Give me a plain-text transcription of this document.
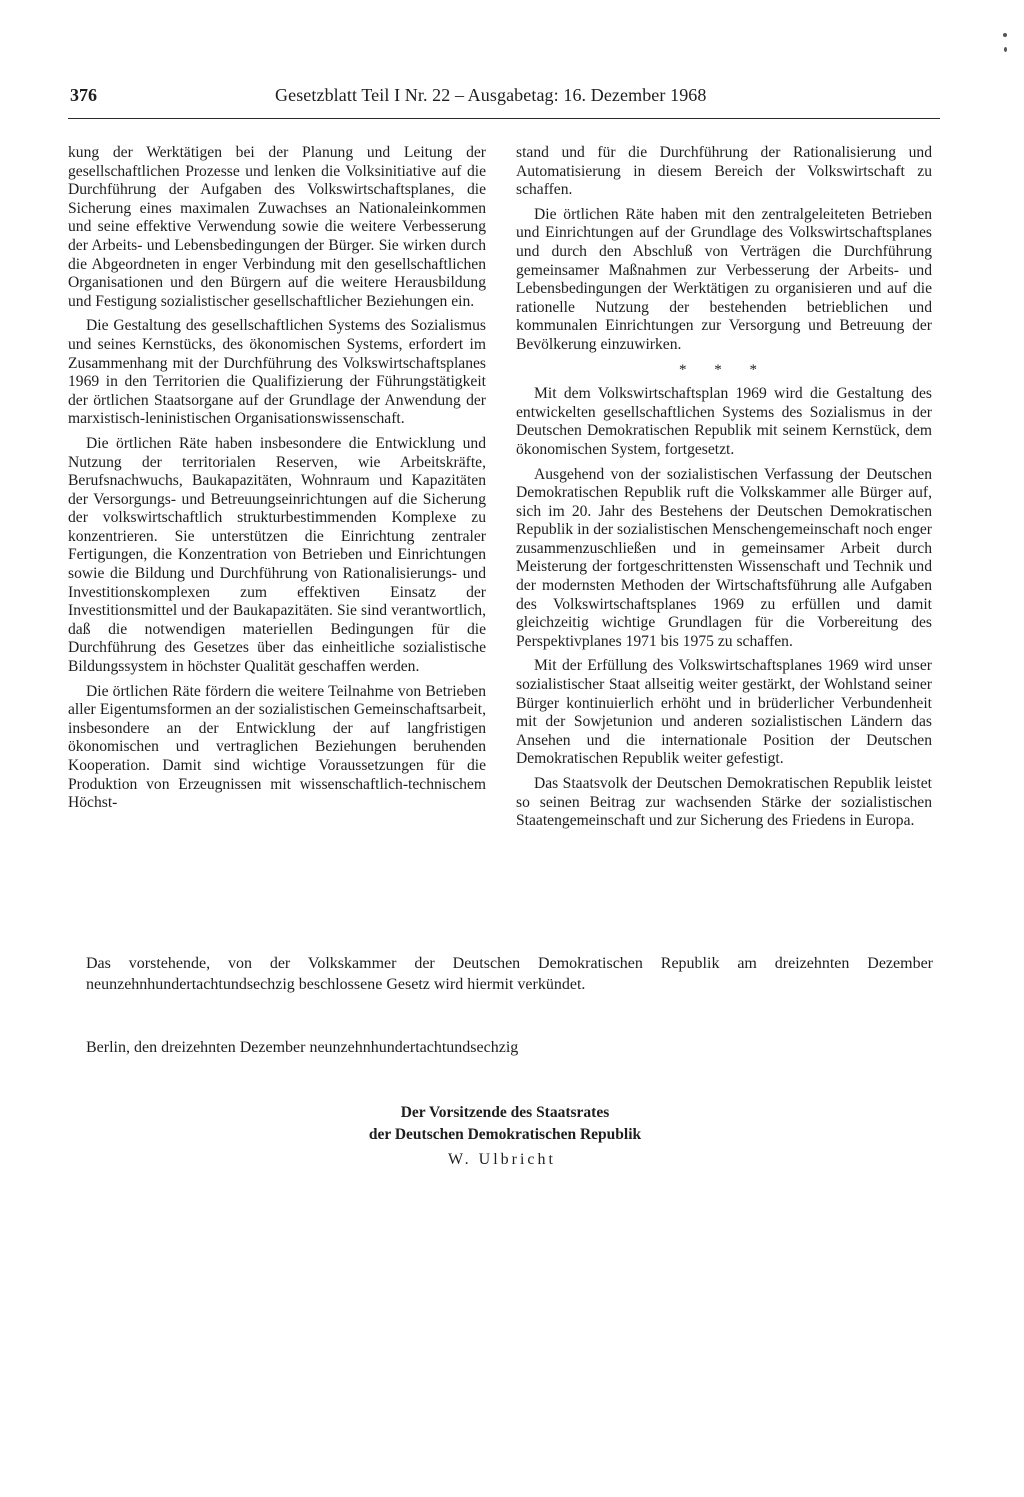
376	Gesetzblatt Teil I Nr. 22 – Ausgabetag: 16. Dezember 1968

kung der Werktätigen bei der Planung und Leitung der gesellschaftlichen Prozesse und lenken die Volksinitiative auf die Durchführung der Aufgaben des Volkswirtschaftsplanes, die Sicherung eines maximalen Zuwachses an Nationaleinkommen und seine effektive Verwendung sowie die weitere Verbesserung der Arbeits- und Lebensbedingungen der Bürger. Sie wirken durch die Abgeordneten in enger Verbindung mit den gesellschaftlichen Organisationen und den Bürgern auf die weitere Herausbildung und Festigung sozialistischer gesellschaftlicher Beziehungen ein.

Die Gestaltung des gesellschaftlichen Systems des Sozialismus und seines Kernstücks, des ökonomischen Systems, erfordert im Zusammenhang mit der Durchführung des Volkswirtschaftsplanes 1969 in den Territorien die Qualifizierung der Führungstätigkeit der örtlichen Staatsorgane auf der Grundlage der Anwendung der marxistisch-leninistischen Organisationswissenschaft.

Die örtlichen Räte haben insbesondere die Entwicklung und Nutzung der territorialen Reserven, wie Arbeitskräfte, Berufsnachwuchs, Baukapazitäten, Wohnraum und Kapazitäten der Versorgungs- und Betreuungseinrichtungen auf die Sicherung der volkswirtschaftlich strukturbestimmenden Komplexe zu konzentrieren. Sie unterstützen die Einrichtung zentraler Fertigungen, die Konzentration von Betrieben und Einrichtungen sowie die Bildung und Durchführung von Rationalisierungs- und Investitionskomplexen zum effektiven Einsatz der Investitionsmittel und der Baukapazitäten. Sie sind verantwortlich, daß die notwendigen materiellen Bedingungen für die Durchführung des Gesetzes über das einheitliche sozialistische Bildungssystem in höchster Qualität geschaffen werden.

Die örtlichen Räte fördern die weitere Teilnahme von Betrieben aller Eigentumsformen an der sozialistischen Gemeinschaftsarbeit, insbesondere an der Entwicklung der auf langfristigen ökonomischen und vertraglichen Beziehungen beruhenden Kooperation. Damit sind wichtige Voraussetzungen für die Produktion von Erzeugnissen mit wissenschaftlich-technischem Höchst-

stand und für die Durchführung der Rationalisierung und Automatisierung in diesem Bereich der Volkswirtschaft zu schaffen.

Die örtlichen Räte haben mit den zentralgeleiteten Betrieben und Einrichtungen auf der Grundlage des Volkswirtschaftsplanes und durch den Abschluß von Verträgen die Durchführung gemeinsamer Maßnahmen zur Verbesserung der Arbeits- und Lebensbedingungen der Werktätigen zu organisieren und auf die rationelle Nutzung der bestehenden betrieblichen und kommunalen Einrichtungen zur Versorgung und Betreuung der Bevölkerung einzuwirken.

* * *

Mit dem Volkswirtschaftsplan 1969 wird die Gestaltung des entwickelten gesellschaftlichen Systems des Sozialismus in der Deutschen Demokratischen Republik mit seinem Kernstück, dem ökonomischen System, fortgesetzt.

Ausgehend von der sozialistischen Verfassung der Deutschen Demokratischen Republik ruft die Volkskammer alle Bürger auf, sich im 20. Jahr des Bestehens der Deutschen Demokratischen Republik in der sozialistischen Menschengemeinschaft noch enger zusammenzuschließen und in gemeinsamer Arbeit durch Meisterung der fortgeschrittensten Wissenschaft und Technik und der modernsten Methoden der Wirtschaftsführung alle Aufgaben des Volkswirtschaftsplanes 1969 zu erfüllen und damit gleichzeitig wichtige Grundlagen für die Vorbereitung des Perspektivplanes 1971 bis 1975 zu schaffen.

Mit der Erfüllung des Volkswirtschaftsplanes 1969 wird unser sozialistischer Staat allseitig weiter gestärkt, der Wohlstand seiner Bürger kontinuierlich erhöht und in brüderlicher Verbundenheit mit der Sowjetunion und anderen sozialistischen Ländern das Ansehen und die internationale Position der Deutschen Demokratischen Republik weiter gefestigt.

Das Staatsvolk der Deutschen Demokratischen Republik leistet so seinen Beitrag zur wachsenden Stärke der sozialistischen Staatengemeinschaft und zur Sicherung des Friedens in Europa.

Das vorstehende, von der Volkskammer der Deutschen Demokratischen Republik am dreizehnten Dezember neunzehnhundertachtundsechzig beschlossene Gesetz wird hiermit verkündet.

Berlin, den dreizehnten Dezember neunzehnhundertachtundsechzig

Der Vorsitzende des Staatsrates
der Deutschen Demokratischen Republik
W. Ulbricht
